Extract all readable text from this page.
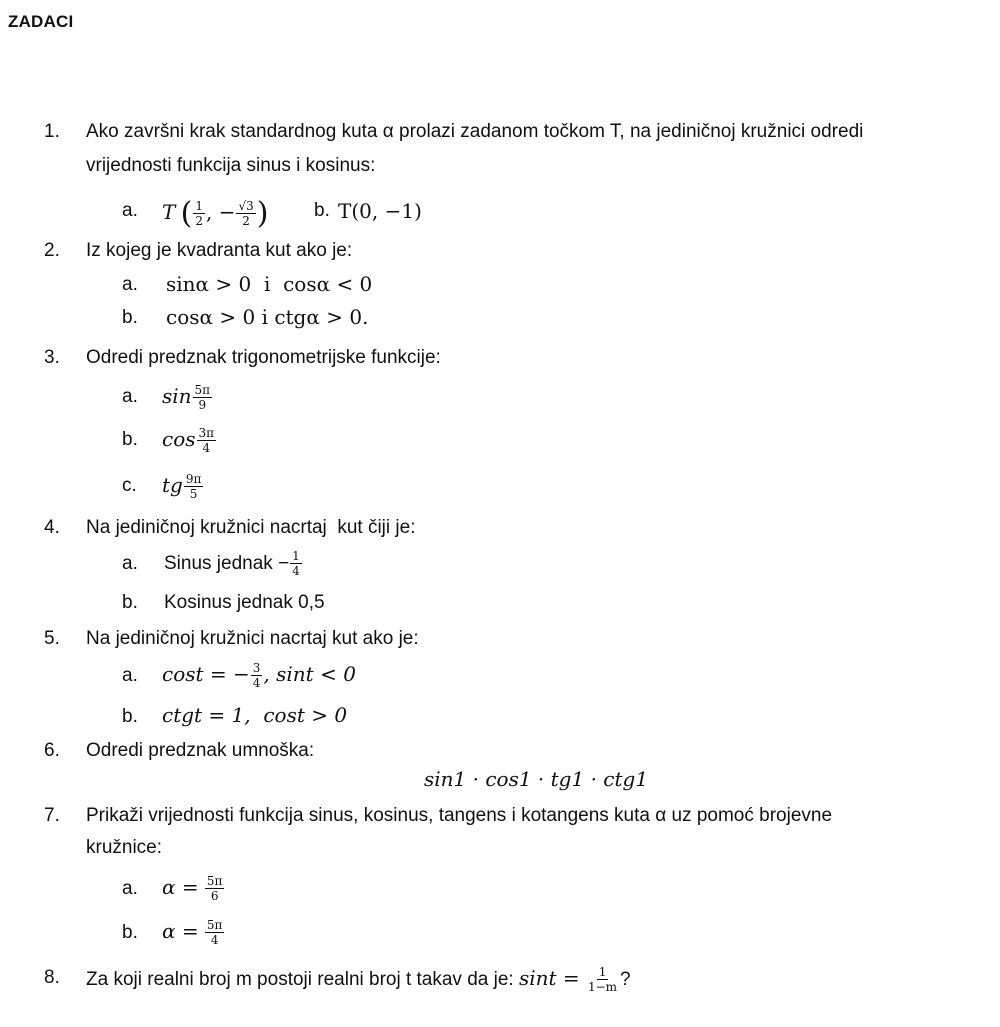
ZADACI
1. Ako završni krak standardnog kuta α prolazi zadanom točkom T, na jediničnoj kružnici odredi
vrijednosti funkcija sinus i kosinus:
a. T ( $\frac{1}{2}$ , − $\frac{√3}{2}$ ) b. T(0, −1)
2. Iz kojeg je kvadranta kut ako je:
a. sinα > 0  i  cosα < 0
b. cosα > 0 i ctgα > 0.
3. Odredi predznak trigonometrijske funkcije:
a. $\sin \frac{5\pi}{9}$
b. $\cos \frac{3\pi}{4}$
c. tg $\frac{9\pi}{5}$
4. Na jediničnoj kružnici nacrtaj  kut čiji je:
a. Sinus jednak − $\frac{1}{4}$
b. Kosinus jednak 0,5
5. Na jediničnoj kružnici nacrtaj kut ako je:
a. cost = − $\frac{3}{4}$ , sint < 0
b. ctgt = 1,  cost > 0
6. Odredi predznak umnoška:
sin1 · cos1 · tg1 · ctg1
7. Prikaži vrijednosti funkcija sinus, kosinus, tangens i kotangens kuta α uz pomoć brojevne
kružnice:
a. $\alpha = \frac{5\pi}{6}$
b. $\alpha = \frac{5\pi}{4}$
8. Za koji realni broj m postoji realni broj t takav da je: $\sin t = \frac{1}{1-m}$ ?
